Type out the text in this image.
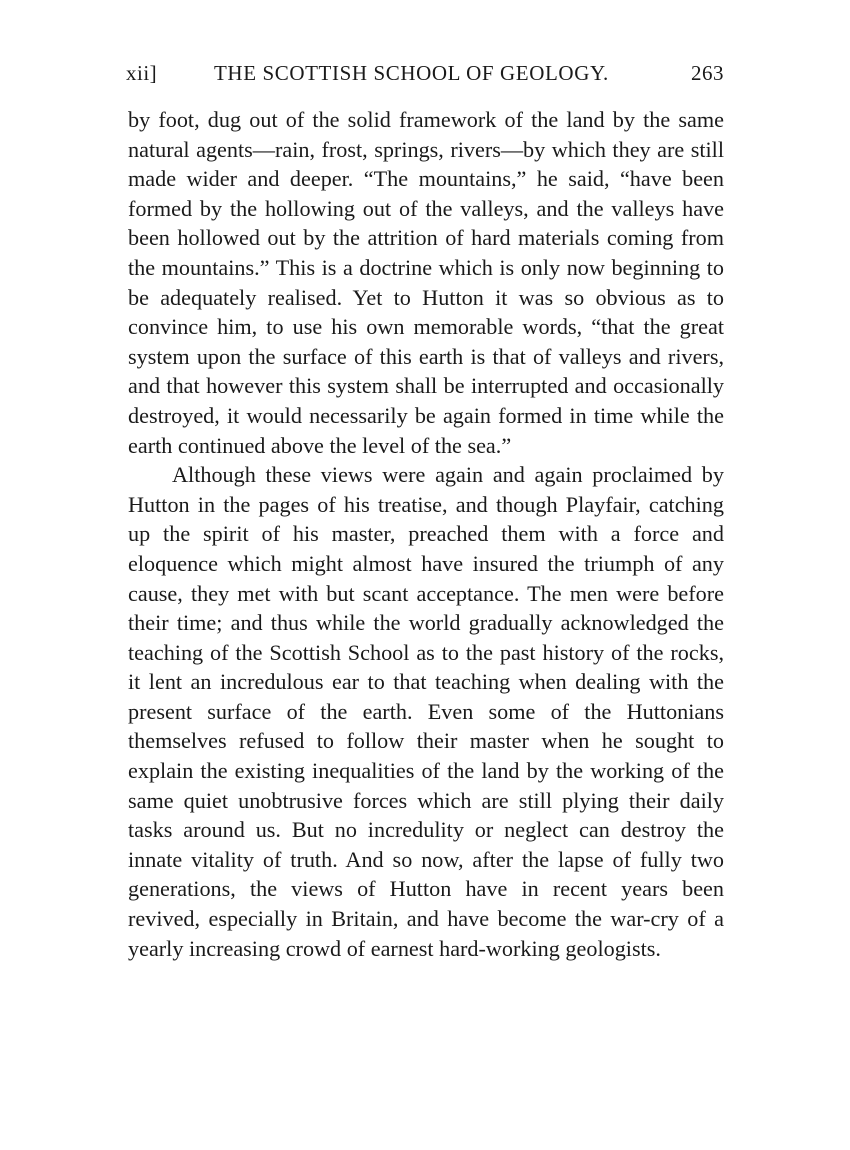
xii]	THE SCOTTISH SCHOOL OF GEOLOGY.	263

by foot, dug out of the solid framework of the land by the same natural agents—rain, frost, springs, rivers—by which they are still made wider and deeper. “The mountains,” he said, “have been formed by the hollowing out of the valleys, and the valleys have been hollowed out by the attrition of hard materials coming from the mountains.” This is a doctrine which is only now beginning to be adequately realised. Yet to Hutton it was so obvious as to convince him, to use his own memorable words, “that the great system upon the surface of this earth is that of valleys and rivers, and that however this system shall be interrupted and occasionally destroyed, it would necessarily be again formed in time while the earth continued above the level of the sea.”

Although these views were again and again proclaimed by Hutton in the pages of his treatise, and though Playfair, catching up the spirit of his master, preached them with a force and eloquence which might almost have insured the triumph of any cause, they met with but scant acceptance. The men were before their time; and thus while the world gradually acknowledged the teaching of the Scottish School as to the past history of the rocks, it lent an incredulous ear to that teaching when dealing with the present surface of the earth. Even some of the Huttonians themselves refused to follow their master when he sought to explain the existing inequalities of the land by the working of the same quiet unobtrusive forces which are still plying their daily tasks around us. But no incredulity or neglect can destroy the innate vitality of truth. And so now, after the lapse of fully two generations, the views of Hutton have in recent years been revived, especially in Britain, and have become the war-cry of a yearly increasing crowd of earnest hard-working geologists.
